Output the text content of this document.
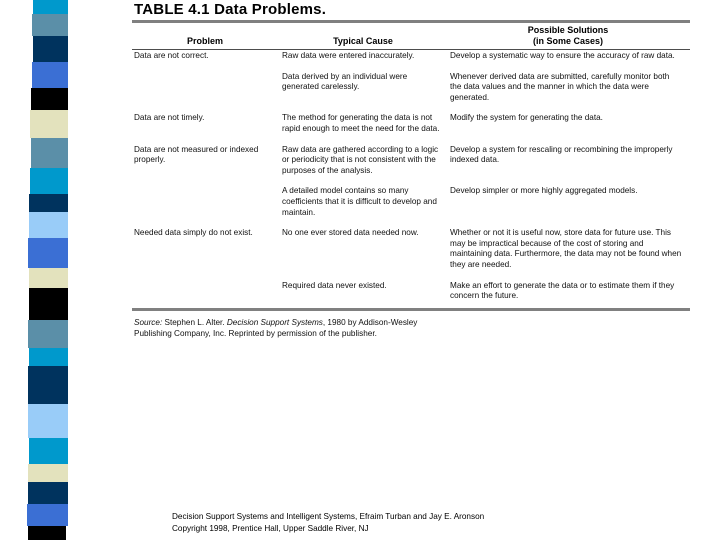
TABLE 4.1 Data Problems.
Problem	Typical Cause	Possible Solutions
(in Some Cases)

Data are not correct.	Raw data were entered inaccurately.	Develop a systematic way to ensure the accuracy of raw data.

	Data derived by an individual were generated carelessly.	Whenever derived data are submitted, carefully monitor both the data values and the manner in which the data were generated.

Data are not timely.	The method for generating the data is not rapid enough to meet the need for the data.	Modify the system for generating the data.

Data are not measured or indexed properly.	Raw data are gathered according to a logic or periodicity that is not consistent with the purposes of the analysis.	Develop a system for rescaling or recombining the improperly indexed data.

	A detailed model contains so many coefficients that it is difficult to develop and maintain.	Develop simpler or more highly aggregated models.

Needed data simply do not exist.	No one ever stored data needed now.	Whether or not it is useful now, store data for future use. This may be impractical because of the cost of storing and maintaining data. Furthermore, the data may not be found when they are needed.

	Required data never existed.	Make an effort to generate the data or to estimate them if they concern the future.
Source: Stephen L. Alter. Decision Support Systems, 1980 by Addison-Wesley
Publishing Company, Inc. Reprinted by permission of the publisher.
Decision Support Systems and Intelligent Systems, Efraim Turban and Jay E. Aronson
Copyright 1998, Prentice Hall, Upper Saddle River, NJ
